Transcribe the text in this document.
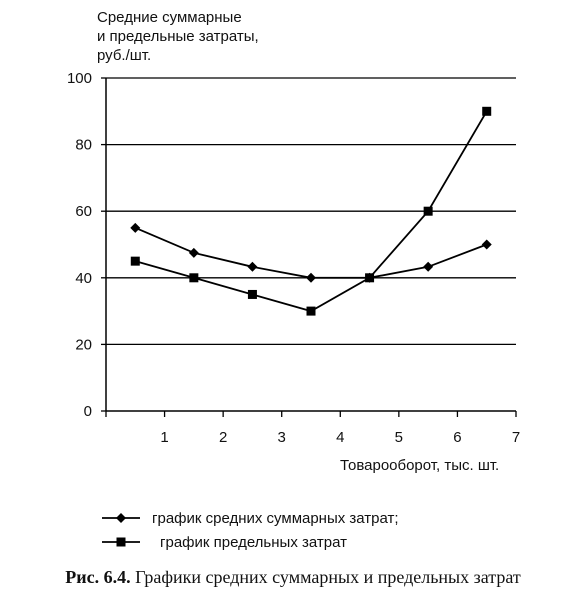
Средние суммарные
и предельные затраты,
руб./шт.
0
20
40
60
80
100
1	2	3	4	5	6	7
Товарооборот, тыс. шт.
график средних суммарных затрат;
график предельных затрат
Рис. 6.4. Графики средних суммарных и предельных затрат
